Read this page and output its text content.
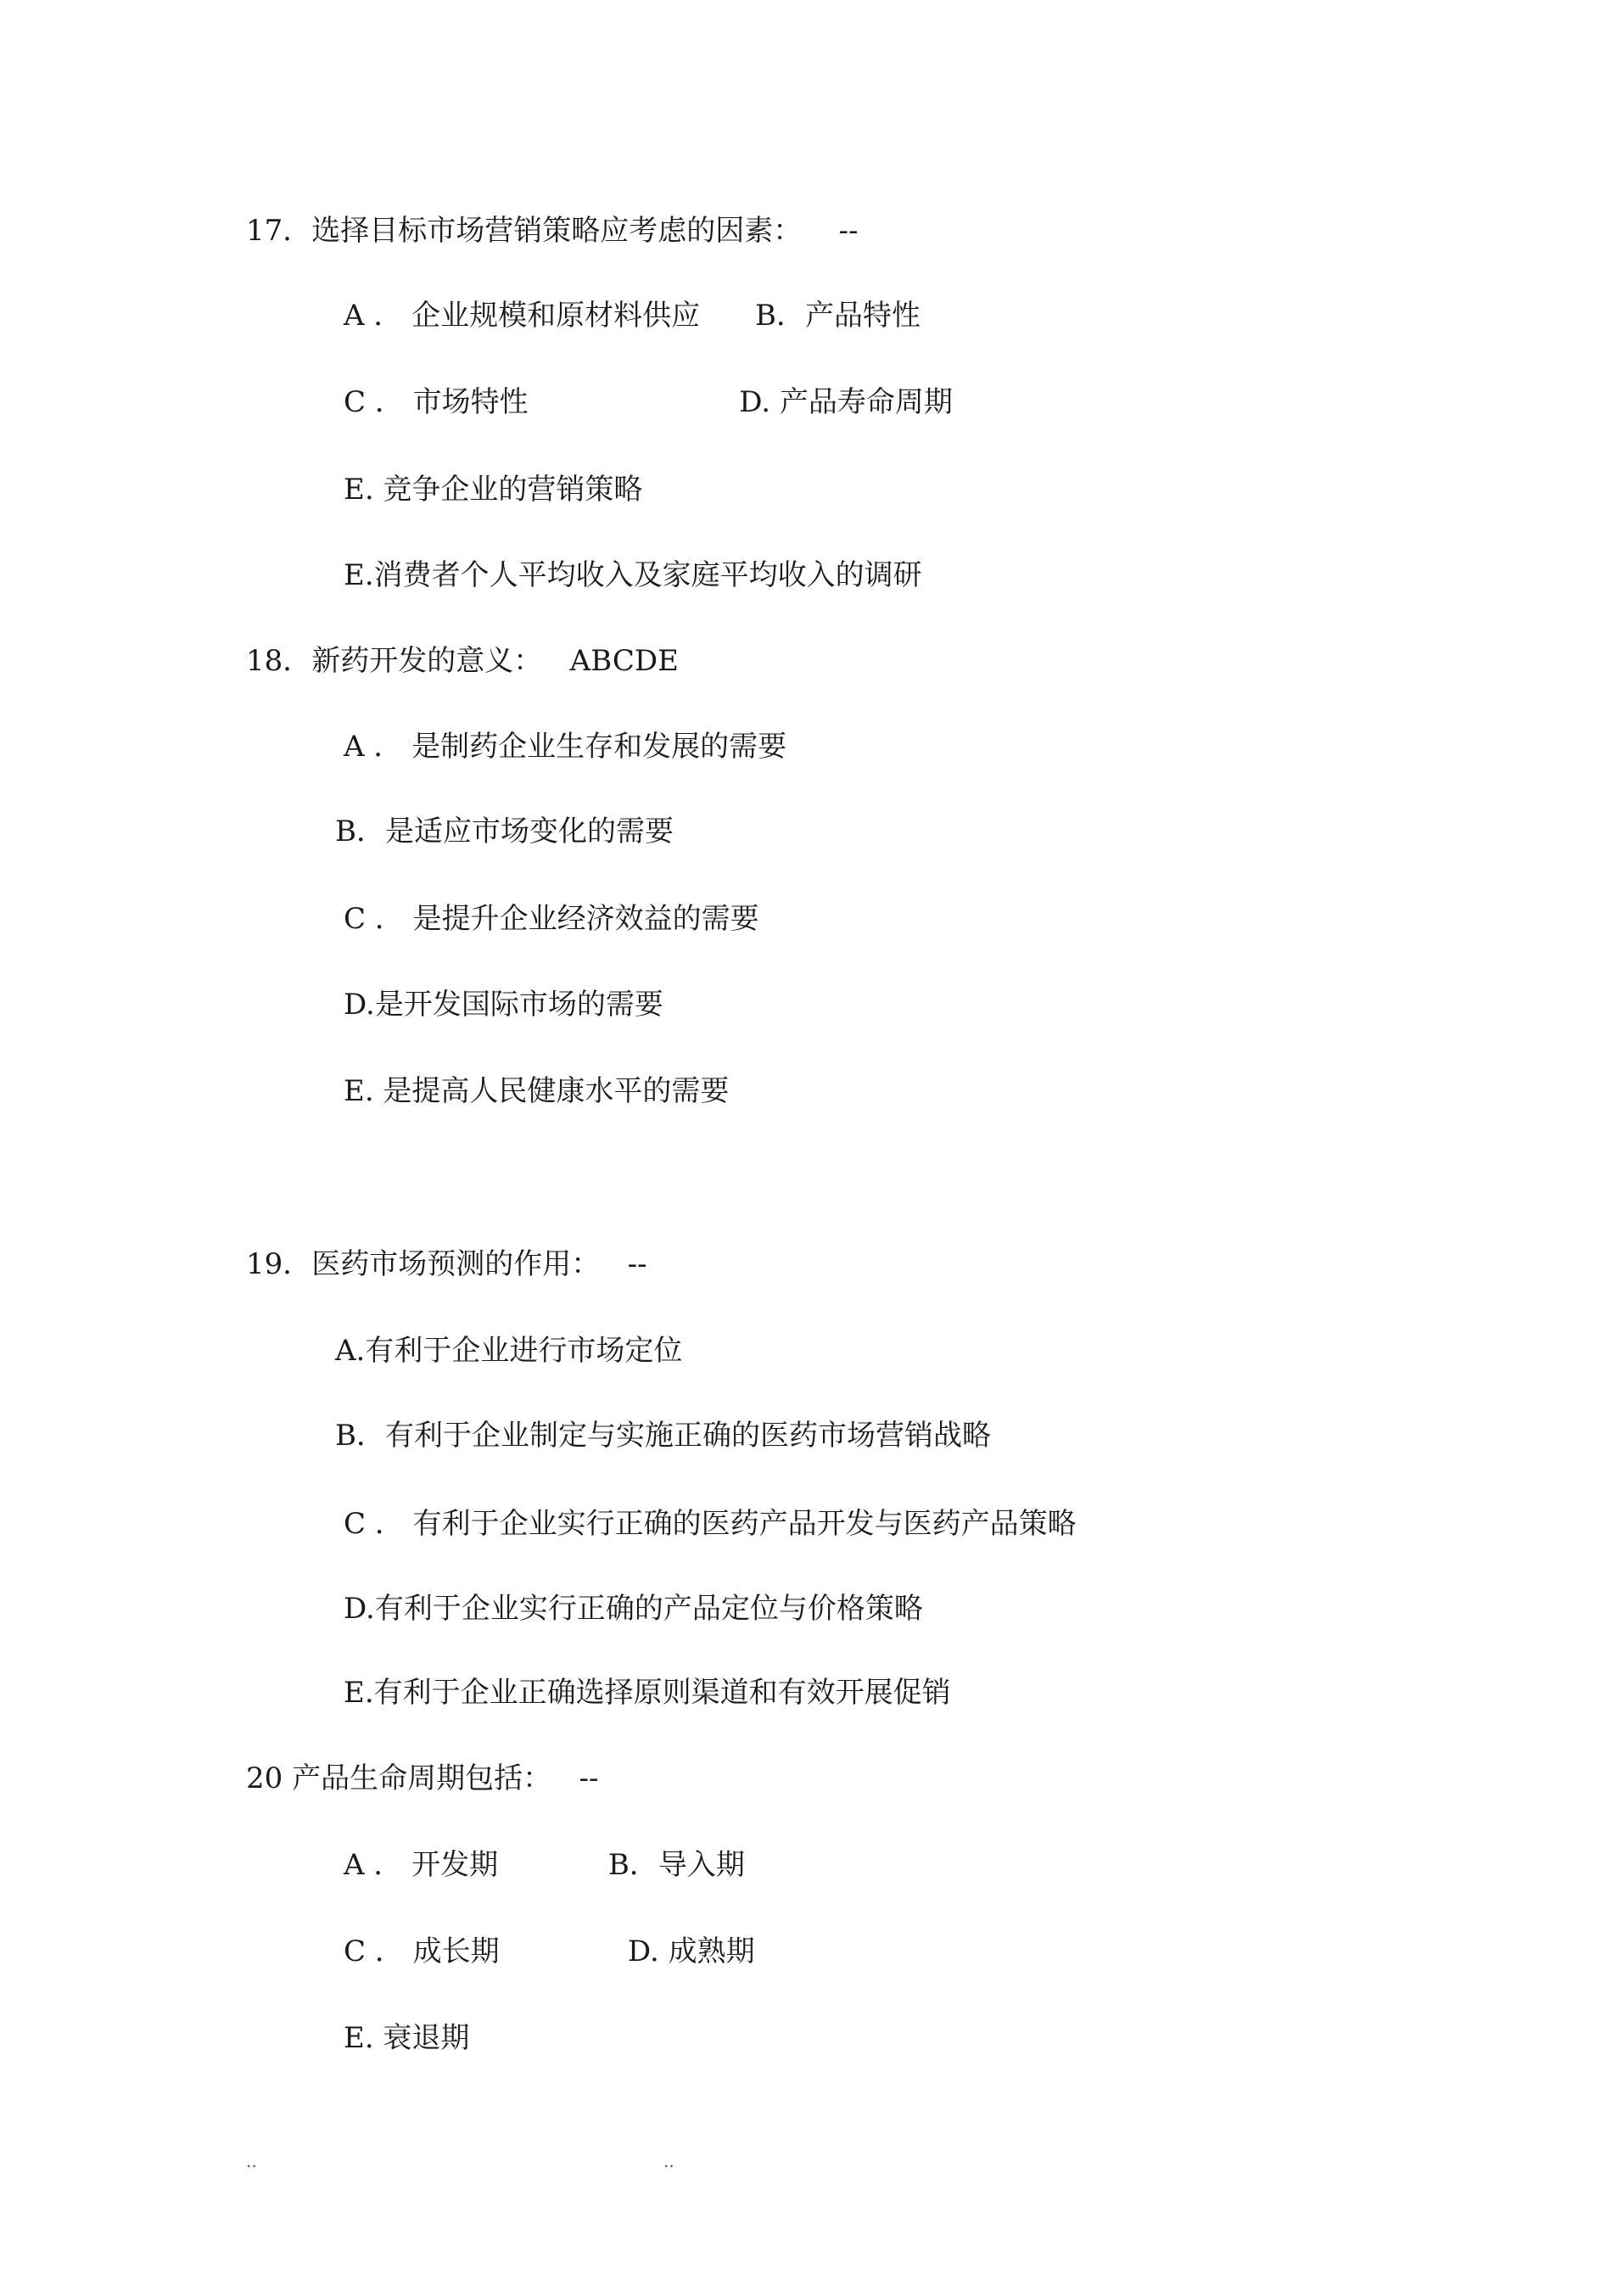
17．选择目标市场营销策略应考虑的因素：    --
A ． 企业规模和原材料供应      B．产品特性
C ． 市场特性                       D. 产品寿命周期
E. 竞争企业的营销策略
E.消费者个人平均收入及家庭平均收入的调研
18．新药开发的意义：   ABCDE
A ． 是制药企业生存和发展的需要
B．是适应市场变化的需要
C ． 是提升企业经济效益的需要
D.是开发国际市场的需要
E. 是提高人民健康水平的需要
19．医药市场预测的作用：   --
A.有利于企业进行市场定位
B．有利于企业制定与实施正确的医药市场营销战略
C ． 有利于企业实行正确的医药产品开发与医药产品策略
D.有利于企业实行正确的产品定位与价格策略
E.有利于企业正确选择原则渠道和有效开展促销
20 产品生命周期包括：   --
A ． 开发期            B．导入期
C ． 成长期              D. 成熟期
E. 衰退期
..	..
